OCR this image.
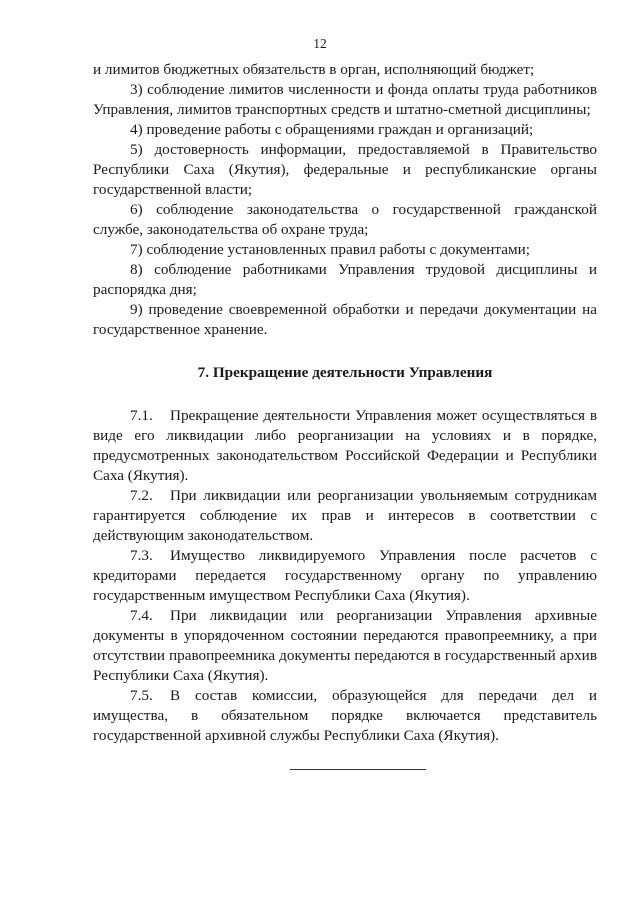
12

и лимитов бюджетных обязательств в орган, исполняющий бюджет;

3) соблюдение лимитов численности и фонда оплаты труда работников Управления, лимитов транспортных средств и штатно-сметной дисциплины;

4) проведение работы с обращениями граждан и организаций;

5) достоверность информации, предоставляемой в Правительство Республики Саха (Якутия), федеральные и республиканские органы государственной власти;

6) соблюдение законодательства о государственной гражданской службе, законодательства об охране труда;

7) соблюдение установленных правил работы с документами;

8) соблюдение работниками Управления трудовой дисциплины и распорядка дня;

9) проведение своевременной обработки и передачи документации на государственное хранение.

7. Прекращение деятельности Управления

7.1. Прекращение деятельности Управления может осуществляться в виде его ликвидации либо реорганизации на условиях и в порядке, предусмотренных законодательством Российской Федерации и Республики Саха (Якутия).

7.2. При ликвидации или реорганизации увольняемым сотрудникам гарантируется соблюдение их прав и интересов в соответствии с действующим законодательством.

7.3. Имущество ликвидируемого Управления после расчетов с кредиторами передается государственному органу по управлению государственным имуществом Республики Саха (Якутия).

7.4. При ликвидации или реорганизации Управления архивные документы в упорядоченном состоянии передаются правопреемнику, а при отсутствии правопреемника документы передаются в государственный архив Республики Саха (Якутия).

7.5. В состав комиссии, образующейся для передачи дел и имущества, в обязательном порядке включается представитель государственной архивной службы Республики Саха (Якутия).
